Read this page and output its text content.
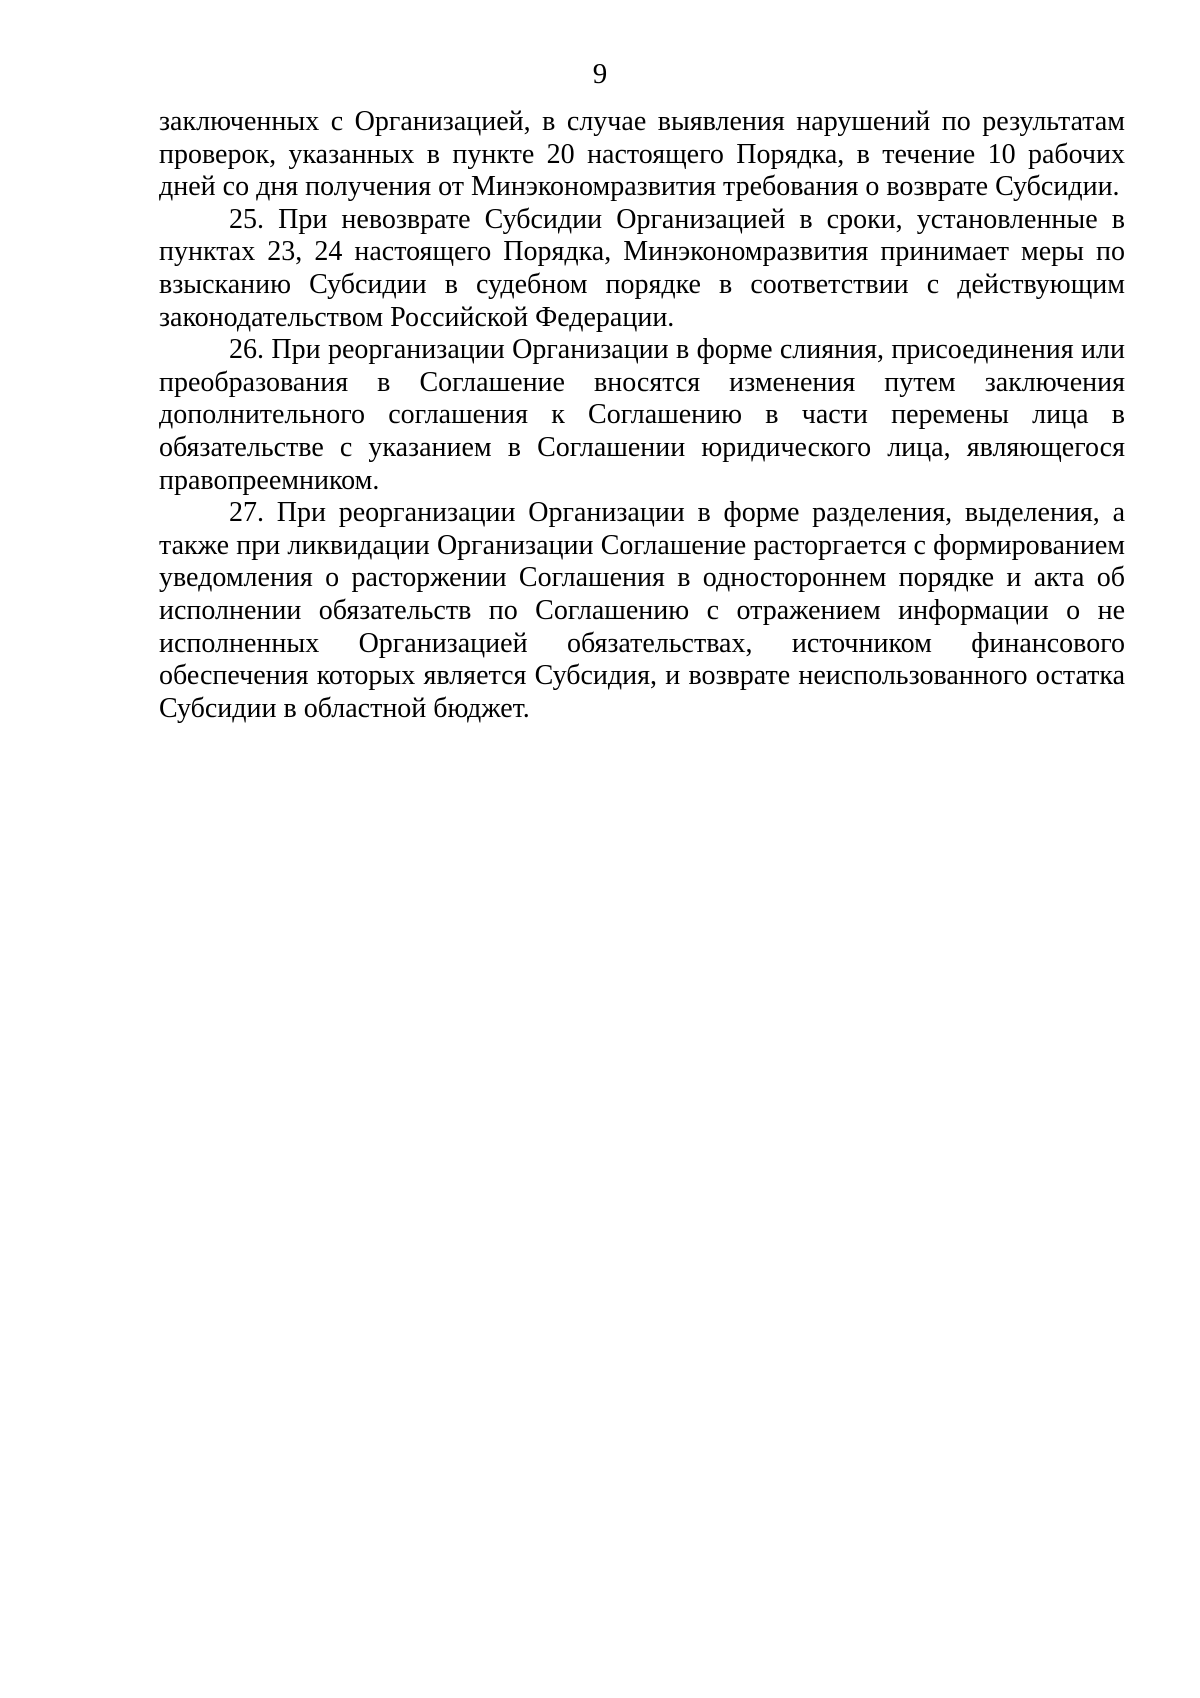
9

заключенных с Организацией, в случае выявления нарушений по результатам проверок, указанных в пункте 20 настоящего Порядка, в течение 10 рабочих дней со дня получения от Минэкономразвития требования о возврате Субсидии.

25. При невозврате Субсидии Организацией в сроки, установленные в пунктах 23, 24 настоящего Порядка, Минэкономразвития принимает меры по взысканию Субсидии в судебном порядке в соответствии с действующим законодательством Российской Федерации.

26. При реорганизации Организации в форме слияния, присоединения или преобразования в Соглашение вносятся изменения путем заключения дополнительного соглашения к Соглашению в части перемены лица в обязательстве с указанием в Соглашении юридического лица, являющегося правопреемником.

27. При реорганизации Организации в форме разделения, выделения, а также при ликвидации Организации Соглашение расторгается с формированием уведомления о расторжении Соглашения в одностороннем порядке и акта об исполнении обязательств по Соглашению с отражением информации о не исполненных Организацией обязательствах, источником финансового обеспечения которых является Субсидия, и возврате неиспользованного остатка Субсидии в областной бюджет.
